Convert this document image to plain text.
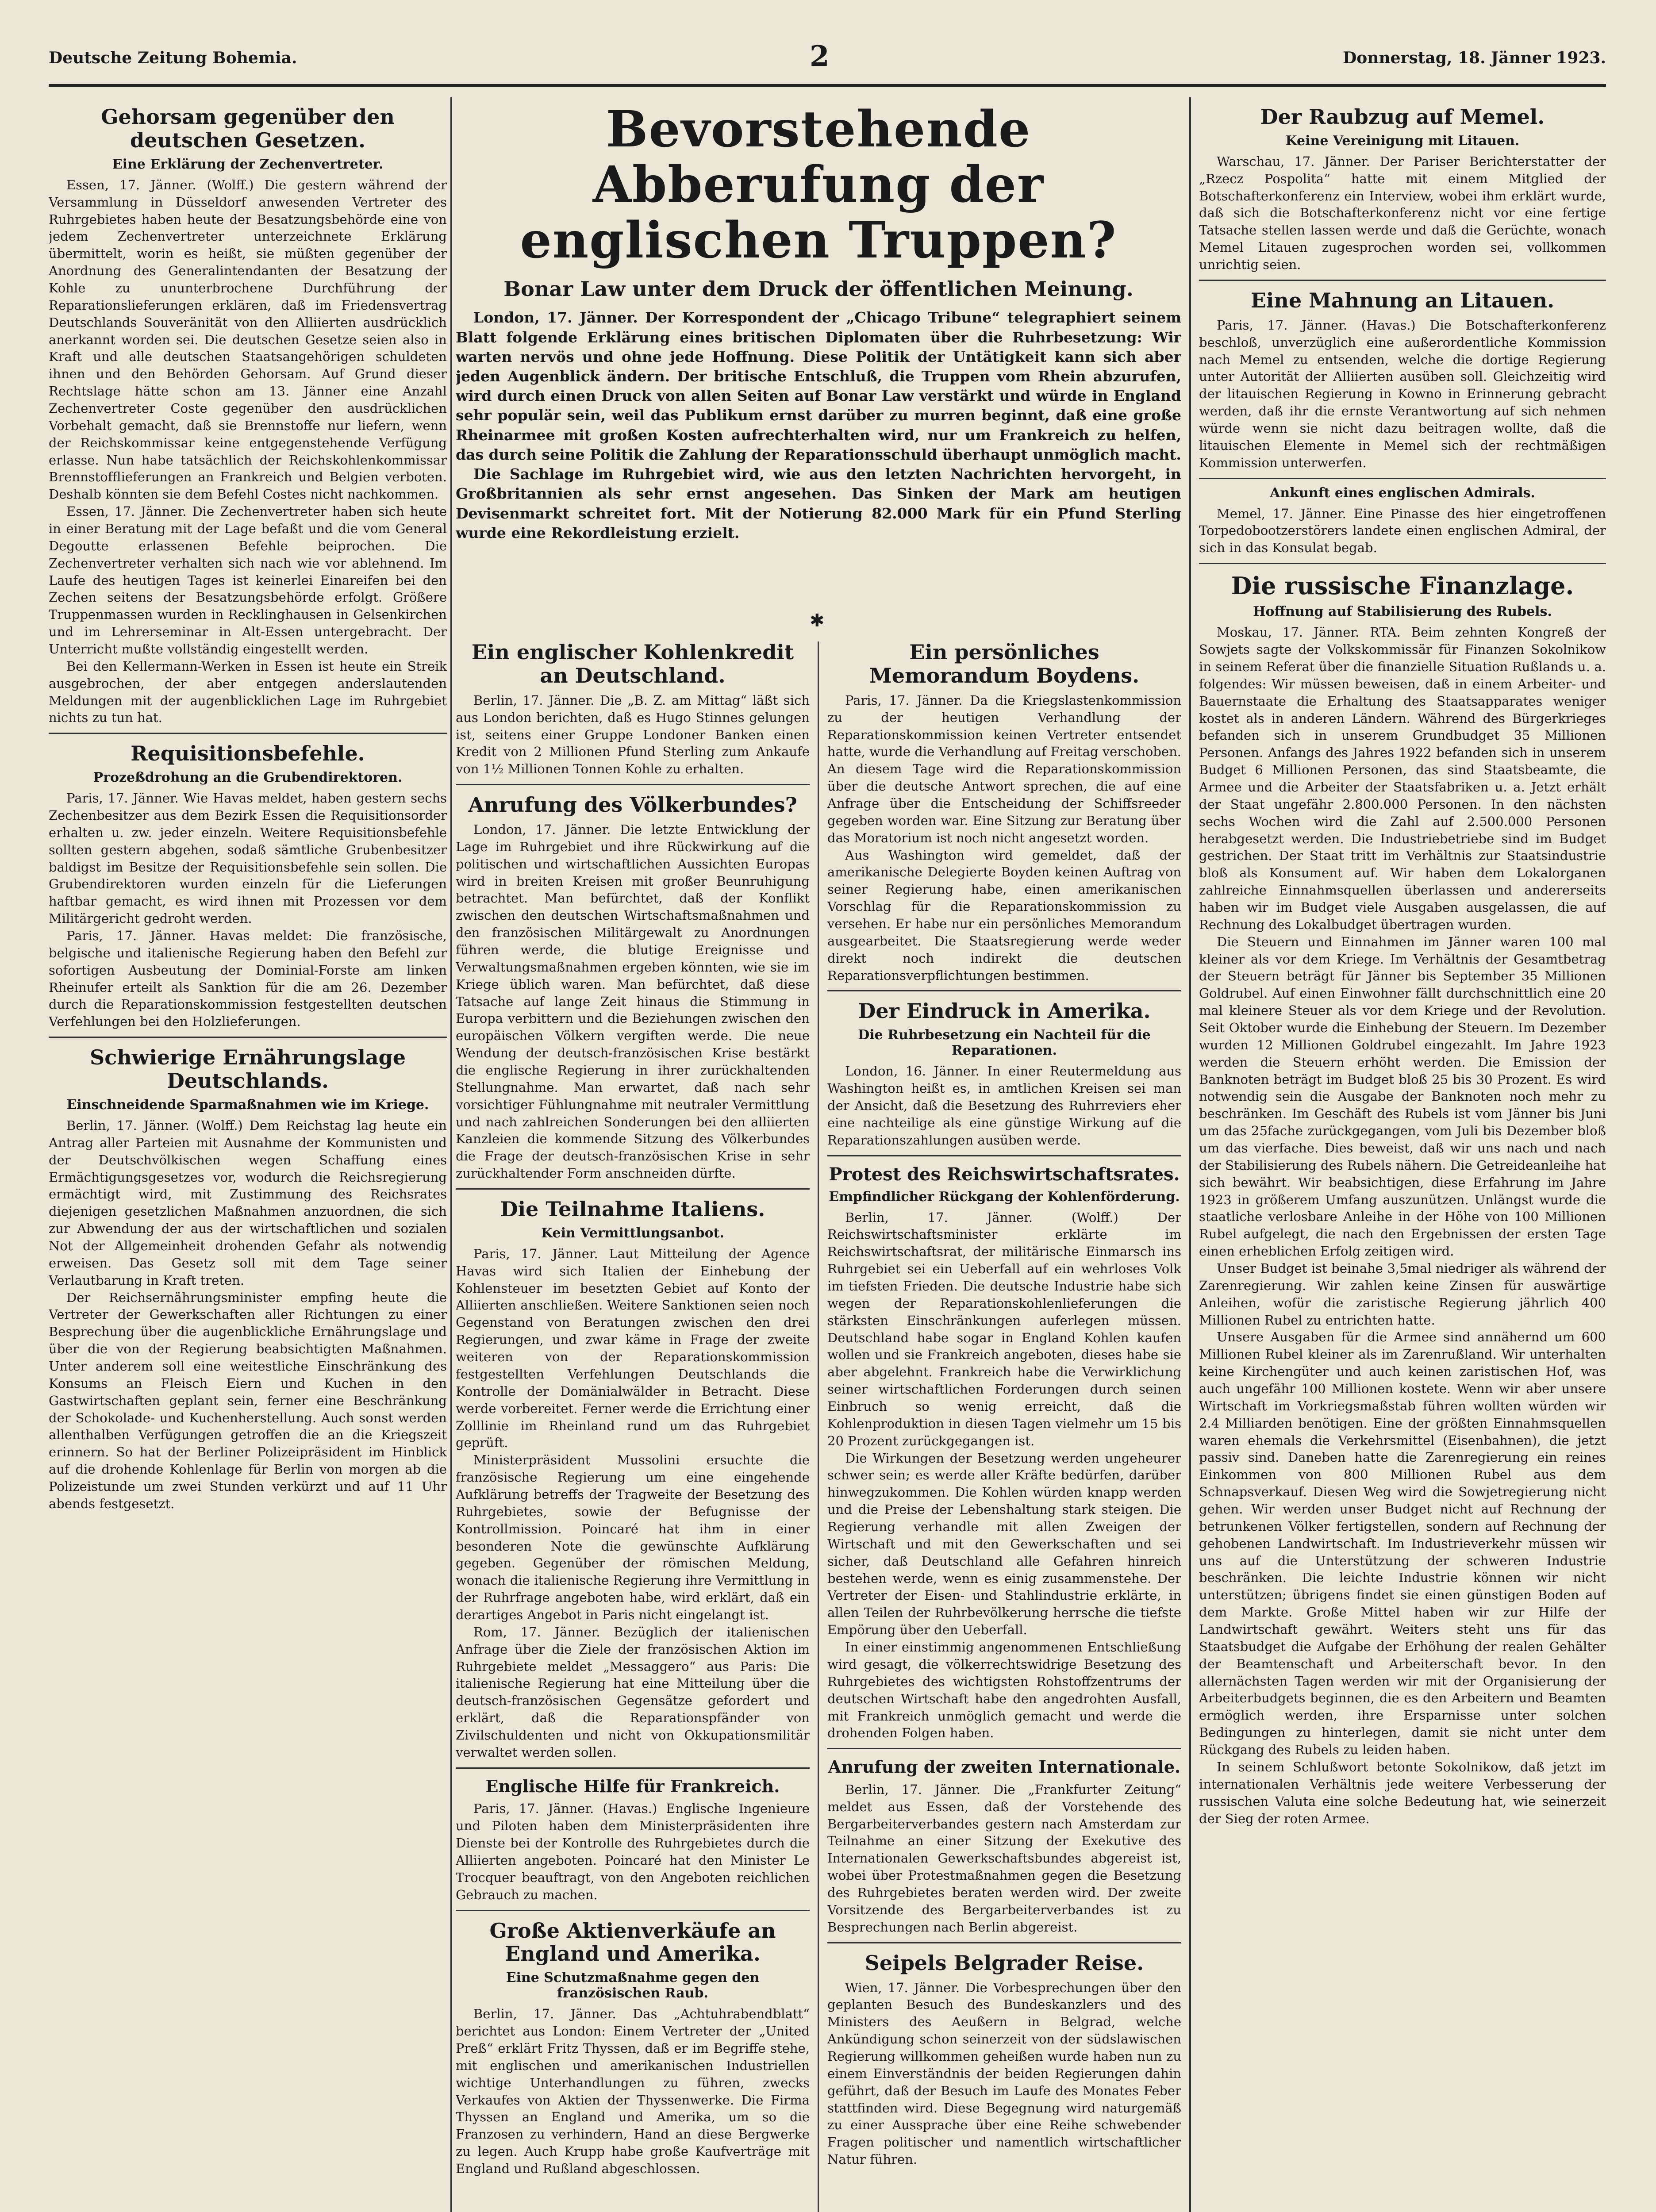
Deutsche Zeitung Bohemia.	2	Donnerstag, 18. Jänner 1923.
Gehorsam gegenüber den deutschen Gesetzen.
Eine Erklärung der Zechenvertreter.

Essen, 17. Jänner. (Wolff.) Die gestern während der Versammlung in Düsseldorf anwesenden Vertreter des Ruhrgebietes haben heute der Besatzungsbehörde eine von jedem Zechenvertreter unterzeichnete Erklärung übermittelt, worin es heißt, sie müßten gegenüber der Anordnung des Generalintendanten der Besatzung der Kohle zu ununterbrochene Durchführung der Reparationslieferungen erklären, daß im Friedensvertrag Deutschlands Souveränität von den Alliierten ausdrücklich anerkannt worden sei. Die deutschen Gesetze seien also in Kraft und alle deutschen Staatsangehörigen schuldeten ihnen und den Behörden Gehorsam. Auf Grund dieser Rechtslage hätte schon am 13. Jänner eine Anzahl Zechenvertreter Coste gegenüber den ausdrücklichen Vorbehalt gemacht, daß sie Brennstoffe nur liefern, wenn der Reichskommissar keine entgegenstehende Verfügung erlasse. Nun habe tatsächlich der Reichskohlenkommissar Brennstofflieferungen an Frankreich und Belgien verboten. Deshalb könnten sie dem Befehl Costes nicht nachkommen.

Essen, 17. Jänner. Die Zechenvertreter haben sich heute in einer Beratung mit der Lage befaßt und die vom General Degoutte erlassenen Befehle beiprochen. Die Zechenvertreter verhalten sich nach wie vor ablehnend. Im Laufe des heutigen Tages ist keinerlei Einareifen bei den Zechen seitens der Besatzungsbehörde erfolgt. Größere Truppenmassen wurden in Recklinghausen in Gelsenkirchen und im Lehrerseminar in Alt-Essen untergebracht. Der Unterricht mußte vollständig eingestellt werden.

Bei den Kellermann-Werken in Essen ist heute ein Streik ausgebrochen, der aber entgegen anderslautenden Meldungen mit der augenblicklichen Lage im Ruhrgebiet nichts zu tun hat.

Requisitionsbefehle.
Prozeßdrohung an die Grubendirektoren.

Paris, 17. Jänner. Wie Havas meldet, haben gestern sechs Zechenbesitzer aus dem Bezirk Essen die Requisitionsorder erhalten u. zw. jeder einzeln. Weitere Requisitionsbefehle sollten gestern abgehen, sodaß sämtliche Grubenbesitzer baldigst im Besitze der Requisitionsbefehle sein sollen. Die Grubendirektoren wurden einzeln für die Lieferungen haftbar gemacht, es wird ihnen mit Prozessen vor dem Militärgericht gedroht werden.

Paris, 17. Jänner. Havas meldet: Die französische, belgische und italienische Regierung haben den Befehl zur sofortigen Ausbeutung der Dominial-Forste am linken Rheinufer erteilt als Sanktion für die am 26. Dezember durch die Reparationskommission festgestellten deutschen Verfehlungen bei den Holzlieferungen.

Schwierige Ernährungslage Deutschlands.
Einschneidende Sparmaßnahmen wie im Kriege.

Berlin, 17. Jänner. (Wolff.) Dem Reichstag lag heute ein Antrag aller Parteien mit Ausnahme der Kommunisten und der Deutschvölkischen wegen Schaffung eines Ermächtigungsgesetzes vor, wodurch die Reichsregierung ermächtigt wird, mit Zustimmung des Reichsrates diejenigen gesetzlichen Maßnahmen anzuordnen, die sich zur Abwendung der aus der wirtschaftlichen und sozialen Not der Allgemeinheit drohenden Gefahr als notwendig erweisen. Das Gesetz soll mit dem Tage seiner Verlautbarung in Kraft treten.

Der Reichsernährungsminister empfing heute die Vertreter der Gewerkschaften aller Richtungen zu einer Besprechung über die augenblickliche Ernährungslage und über die von der Regierung beabsichtigten Maßnahmen. Unter anderem soll eine weitestliche Einschränkung des Konsums an Fleisch Eiern und Kuchen in den Gastwirtschaften geplant sein, ferner eine Beschränkung der Schokolade- und Kuchenherstellung. Auch sonst werden allenthalben Verfügungen getroffen die an die Kriegszeit erinnern. So hat der Berliner Polizeipräsident im Hinblick auf die drohende Kohlenlage für Berlin von morgen ab die Polizeistunde um zwei Stunden verkürzt und auf 11 Uhr abends festgesetzt.

Bevorstehende Abberufung der englischen Truppen?
Bonar Law unter dem Druck der öffentlichen Meinung.

London, 17. Jänner. Der Korrespondent der „Chicago Tribune“ telegraphiert seinem Blatt folgende Erklärung eines britischen Diplomaten über die Ruhrbesetzung: Wir warten nervös und ohne jede Hoffnung. Diese Politik der Untätigkeit kann sich aber jeden Augenblick ändern. Der britische Entschluß, die Truppen vom Rhein abzurufen, wird durch einen Druck von allen Seiten auf Bonar Law verstärkt und würde in England sehr populär sein, weil das Publikum ernst darüber zu murren beginnt, daß eine große Rheinarmee mit großen Kosten aufrechterhalten wird, nur um Frankreich zu helfen, das durch seine Politik die Zahlung der Reparationsschuld überhaupt unmöglich macht.

Die Sachlage im Ruhrgebiet wird, wie aus den letzten Nachrichten hervorgeht, in Großbritannien als sehr ernst angesehen. Das Sinken der Mark am heutigen Devisenmarkt schreitet fort. Mit der Notierung 82.000 Mark für ein Pfund Sterling wurde eine Rekordleistung erzielt.

✱
Ein englischer Kohlenkredit an Deutschland.

Berlin, 17. Jänner. Die „B. Z. am Mittag“ läßt sich aus London berichten, daß es Hugo Stinnes gelungen ist, seitens einer Gruppe Londoner Banken einen Kredit von 2 Millionen Pfund Sterling zum Ankaufe von 1½ Millionen Tonnen Kohle zu erhalten.

Anrufung des Völkerbundes?

London, 17. Jänner. Die letzte Entwicklung der Lage im Ruhrgebiet und ihre Rückwirkung auf die politischen und wirtschaftlichen Aussichten Europas wird in breiten Kreisen mit großer Beunruhigung betrachtet. Man befürchtet, daß der Konflikt zwischen den deutschen Wirtschaftsmaßnahmen und den französischen Militärgewalt zu Anordnungen führen werde, die blutige Ereignisse und Verwaltungsmaßnahmen ergeben könnten, wie sie im Kriege üblich waren. Man befürchtet, daß diese Tatsache auf lange Zeit hinaus die Stimmung in Europa verbittern und die Beziehungen zwischen den europäischen Völkern vergiften werde. Die neue Wendung der deutsch-französischen Krise bestärkt die englische Regierung in ihrer zurückhaltenden Stellungnahme. Man erwartet, daß nach sehr vorsichtiger Fühlungnahme mit neutraler Vermittlung und nach zahlreichen Sonderungen bei den alliierten Kanzleien die kommende Sitzung des Völkerbundes die Frage der deutsch-französischen Krise in sehr zurückhaltender Form anschneiden dürfte.

Die Teilnahme Italiens.
Kein Vermittlungsanbot.

Paris, 17. Jänner. Laut Mitteilung der Agence Havas wird sich Italien der Einhebung der Kohlensteuer im besetzten Gebiet auf Konto der Alliierten anschließen. Weitere Sanktionen seien noch Gegenstand von Beratungen zwischen den drei Regierungen, und zwar käme in Frage der zweite weiteren von der Reparationskommission festgestellten Verfehlungen Deutschlands die Kontrolle der Domänialwälder in Betracht. Diese werde vorbereitet. Ferner werde die Errichtung einer Zolllinie im Rheinland rund um das Ruhrgebiet geprüft.

Ministerpräsident Mussolini ersuchte die französische Regierung um eine eingehende Aufklärung betreffs der Tragweite der Besetzung des Ruhrgebietes, sowie der Befugnisse der Kontrollmission. Poincaré hat ihm in einer besonderen Note die gewünschte Aufklärung gegeben. Gegenüber der römischen Meldung, wonach die italienische Regierung ihre Vermittlung in der Ruhrfrage angeboten habe, wird erklärt, daß ein derartiges Angebot in Paris nicht eingelangt ist.

Rom, 17. Jänner. Bezüglich der italienischen Anfrage über die Ziele der französischen Aktion im Ruhrgebiete meldet „Messaggero“ aus Paris: Die italienische Regierung hat eine Mitteilung über die deutsch-französischen Gegensätze gefordert und erklärt, daß die Reparationspfänder von Zivilschuldenten und nicht von Okkupationsmilitär verwaltet werden sollen.

Englische Hilfe für Frankreich.

Paris, 17. Jänner. (Havas.) Englische Ingenieure und Piloten haben dem Ministerpräsidenten ihre Dienste bei der Kontrolle des Ruhrgebietes durch die Alliierten angeboten. Poincaré hat den Minister Le Trocquer beauftragt, von den Angeboten reichlichen Gebrauch zu machen.

Große Aktienverkäufe an England und Amerika.
Eine Schutzmaßnahme gegen den französischen Raub.

Berlin, 17. Jänner. Das „Achtuhrabendblatt“ berichtet aus London: Einem Vertreter der „United Preß“ erklärt Fritz Thyssen, daß er im Begriffe stehe, mit englischen und amerikanischen Industriellen wichtige Unterhandlungen zu führen, zwecks Verkaufes von Aktien der Thyssenwerke. Die Firma Thyssen an England und Amerika, um so die Franzosen zu verhindern, Hand an diese Bergwerke zu legen. Auch Krupp habe große Kaufverträge mit England und Rußland abgeschlossen.

Ein persönliches Memorandum Boydens.

Paris, 17. Jänner. Da die Kriegslastenkommission zu der heutigen Verhandlung der Reparationskommission keinen Vertreter entsendet hatte, wurde die Verhandlung auf Freitag verschoben. An diesem Tage wird die Reparationskommission über die deutsche Antwort sprechen, die auf eine Anfrage über die Entscheidung der Schiffsreeder gegeben worden war. Eine Sitzung zur Beratung über das Moratorium ist noch nicht angesetzt worden.

Aus Washington wird gemeldet, daß der amerikanische Delegierte Boyden keinen Auftrag von seiner Regierung habe, einen amerikanischen Vorschlag für die Reparationskommission zu versehen. Er habe nur ein persönliches Memorandum ausgearbeitet. Die Staatsregierung werde weder direkt noch indirekt die deutschen Reparationsverpflichtungen bestimmen.

Der Eindruck in Amerika.
Die Ruhrbesetzung ein Nachteil für die Reparationen.

London, 16. Jänner. In einer Reutermeldung aus Washington heißt es, in amtlichen Kreisen sei man der Ansicht, daß die Besetzung des Ruhrreviers eher eine nachteilige als eine günstige Wirkung auf die Reparationszahlungen ausüben werde.

Protest des Reichswirtschaftsrates.
Empfindlicher Rückgang der Kohlenförderung.

Berlin, 17. Jänner. (Wolff.) Der Reichswirtschaftsminister erklärte im Reichswirtschaftsrat, der militärische Einmarsch ins Ruhrgebiet sei ein Ueberfall auf ein wehrloses Volk im tiefsten Frieden. Die deutsche Industrie habe sich wegen der Reparationskohlenlieferungen die stärksten Einschränkungen auferlegen müssen. Deutschland habe sogar in England Kohlen kaufen wollen und sie Frankreich angeboten, dieses habe sie aber abgelehnt. Frankreich habe die Verwirklichung seiner wirtschaftlichen Forderungen durch seinen Einbruch so wenig erreicht, daß die Kohlenproduktion in diesen Tagen vielmehr um 15 bis 20 Prozent zurückgegangen ist.

Die Wirkungen der Besetzung werden ungeheurer schwer sein; es werde aller Kräfte bedürfen, darüber hinwegzukommen. Die Kohlen würden knapp werden und die Preise der Lebenshaltung stark steigen. Die Regierung verhandle mit allen Zweigen der Wirtschaft und mit den Gewerkschaften und sei sicher, daß Deutschland alle Gefahren hinreich bestehen werde, wenn es einig zusammenstehe. Der Vertreter der Eisen- und Stahlindustrie erklärte, in allen Teilen der Ruhrbevölkerung herrsche die tiefste Empörung über den Ueberfall.

In einer einstimmig angenommenen Entschließung wird gesagt, die völkerrechtswidrige Besetzung des Ruhrgebietes des wichtigsten Rohstoffzentrums der deutschen Wirtschaft habe den angedrohten Ausfall, mit Frankreich unmöglich gemacht und werde die drohenden Folgen haben.

Anrufung der zweiten Internationale.

Berlin, 17. Jänner. Die „Frankfurter Zeitung“ meldet aus Essen, daß der Vorstehende des Bergarbeiterverbandes gestern nach Amsterdam zur Teilnahme an einer Sitzung der Exekutive des Internationalen Gewerkschaftsbundes abgereist ist, wobei über Protestmaßnahmen gegen die Besetzung des Ruhrgebietes beraten werden wird. Der zweite Vorsitzende des Bergarbeiterverbandes ist zu Besprechungen nach Berlin abgereist.

Seipels Belgrader Reise.

Wien, 17. Jänner. Die Vorbesprechungen über den geplanten Besuch des Bundeskanzlers und des Ministers des Aeußern in Belgrad, welche Ankündigung schon seinerzeit von der südslawischen Regierung willkommen geheißen wurde haben nun zu einem Einverständnis der beiden Regierungen dahin geführt, daß der Besuch im Laufe des Monates Feber stattfinden wird. Diese Begegnung wird naturgemäß zu einer Aussprache über eine Reihe schwebender Fragen politischer und namentlich wirtschaftlicher Natur führen.

Der Raubzug auf Memel.
Keine Vereinigung mit Litauen.

Warschau, 17. Jänner. Der Pariser Berichterstatter der „Rzecz Pospolita“ hatte mit einem Mitglied der Botschafterkonferenz ein Interview, wobei ihm erklärt wurde, daß sich die Botschafterkonferenz nicht vor eine fertige Tatsache stellen lassen werde und daß die Gerüchte, wonach Memel Litauen zugesprochen worden sei, vollkommen unrichtig seien.

Eine Mahnung an Litauen.

Paris, 17. Jänner. (Havas.) Die Botschafterkonferenz beschloß, unverzüglich eine außerordentliche Kommission nach Memel zu entsenden, welche die dortige Regierung unter Autorität der Alliierten ausüben soll. Gleichzeitig wird der litauischen Regierung in Kowno in Erinnerung gebracht werden, daß ihr die ernste Verantwortung auf sich nehmen würde wenn sie nicht dazu beitragen wollte, daß die litauischen Elemente in Memel sich der rechtmäßigen Kommission unterwerfen.

Ankunft eines englischen Admirals.

Memel, 17. Jänner. Eine Pinasse des hier eingetroffenen Torpedobootzerstörers landete einen englischen Admiral, der sich in das Konsulat begab.

Die russische Finanzlage.
Hoffnung auf Stabilisierung des Rubels.

Moskau, 17. Jänner. RTA. Beim zehnten Kongreß der Sowjets sagte der Volkskommissär für Finanzen Sokolnikow in seinem Referat über die finanzielle Situation Rußlands u. a. folgendes: Wir müssen beweisen, daß in einem Arbeiter- und Bauernstaate die Erhaltung des Staatsapparates weniger kostet als in anderen Ländern. Während des Bürgerkrieges befanden sich in unserem Grundbudget 35 Millionen Personen. Anfangs des Jahres 1922 befanden sich in unserem Budget 6 Millionen Personen, das sind Staatsbeamte, die Armee und die Arbeiter der Staatsfabriken u. a. Jetzt erhält der Staat ungefähr 2.800.000 Personen. In den nächsten sechs Wochen wird die Zahl auf 2.500.000 Personen herabgesetzt werden. Die Industriebetriebe sind im Budget gestrichen. Der Staat tritt im Verhältnis zur Staatsindustrie bloß als Konsument auf. Wir haben dem Lokalorganen zahlreiche Einnahmsquellen überlassen und andererseits haben wir im Budget viele Ausgaben ausgelassen, die auf Rechnung des Lokalbudget übertragen wurden.

Die Steuern und Einnahmen im Jänner waren 100 mal kleiner als vor dem Kriege. Im Verhältnis der Gesamtbetrag der Steuern beträgt für Jänner bis September 35 Millionen Goldrubel. Auf einen Einwohner fällt durchschnittlich eine 20 mal kleinere Steuer als vor dem Kriege und der Revolution. Seit Oktober wurde die Einhebung der Steuern. Im Dezember wurden 12 Millionen Goldrubel eingezahlt. Im Jahre 1923 werden die Steuern erhöht werden. Die Emission der Banknoten beträgt im Budget bloß 25 bis 30 Prozent. Es wird notwendig sein die Ausgabe der Banknoten noch mehr zu beschränken. Im Geschäft des Rubels ist vom Jänner bis Juni um das 25fache zurückgegangen, vom Juli bis Dezember bloß um das vierfache. Dies beweist, daß wir uns nach und nach der Stabilisierung des Rubels nähern. Die Getreideanleihe hat sich bewährt. Wir beabsichtigen, diese Erfahrung im Jahre 1923 in größerem Umfang auszunützen. Unlängst wurde die staatliche verlosbare Anleihe in der Höhe von 100 Millionen Rubel aufgelegt, die nach den Ergebnissen der ersten Tage einen erheblichen Erfolg zeitigen wird.

Unser Budget ist beinahe 3,5mal niedriger als während der Zarenregierung. Wir zahlen keine Zinsen für auswärtige Anleihen, wofür die zaristische Regierung jährlich 400 Millionen Rubel zu entrichten hatte.

Unsere Ausgaben für die Armee sind annähernd um 600 Millionen Rubel kleiner als im Zarenrußland. Wir unterhalten keine Kirchengüter und auch keinen zaristischen Hof, was auch ungefähr 100 Millionen kostete. Wenn wir aber unsere Wirtschaft im Vorkriegsmaßstab führen wollten würden wir 2.4 Milliarden benötigen. Eine der größten Einnahmsquellen waren ehemals die Verkehrsmittel (Eisenbahnen), die jetzt passiv sind. Daneben hatte die Zarenregierung ein reines Einkommen von 800 Millionen Rubel aus dem Schnapsverkauf. Diesen Weg wird die Sowjetregierung nicht gehen. Wir werden unser Budget nicht auf Rechnung der betrunkenen Völker fertigstellen, sondern auf Rechnung der gehobenen Landwirtschaft. Im Industrieverkehr müssen wir uns auf die Unterstützung der schweren Industrie beschränken. Die leichte Industrie können wir nicht unterstützen; übrigens findet sie einen günstigen Boden auf dem Markte. Große Mittel haben wir zur Hilfe der Landwirtschaft gewährt. Weiters steht uns für das Staatsbudget die Aufgabe der Erhöhung der realen Gehälter der Beamtenschaft und Arbeiterschaft bevor. In den allernächsten Tagen werden wir mit der Organisierung der Arbeiterbudgets beginnen, die es den Arbeitern und Beamten ermöglich werden, ihre Ersparnisse unter solchen Bedingungen zu hinterlegen, damit sie nicht unter dem Rückgang des Rubels zu leiden haben.

In seinem Schlußwort betonte Sokolnikow, daß jetzt im internationalen Verhältnis jede weitere Verbesserung der russischen Valuta eine solche Bedeutung hat, wie seinerzeit der Sieg der roten Armee.
